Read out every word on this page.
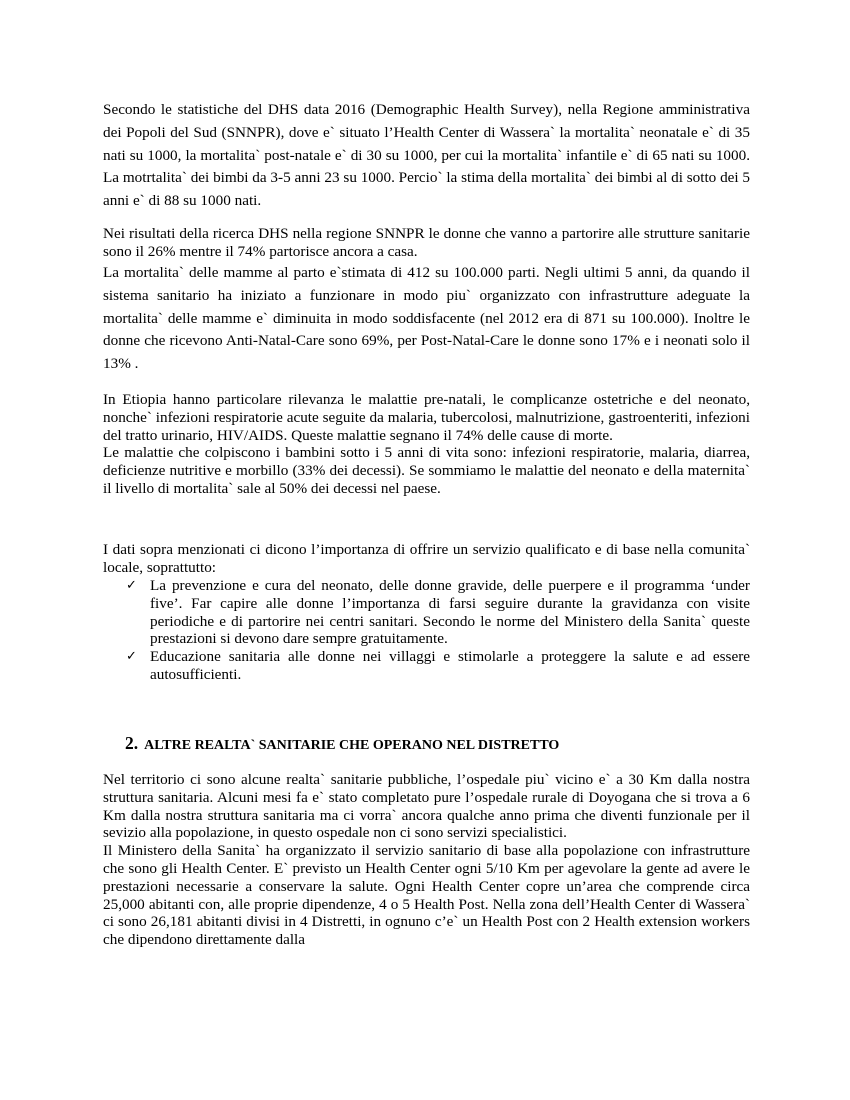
Secondo le statistiche del DHS data 2016 (Demographic Health Survey), nella Regione amministrativa dei Popoli del Sud (SNNPR), dove e` situato l’Health Center di Wassera` la mortalita` neonatale e` di 35 nati su 1000, la mortalita` post-natale e` di 30 su 1000, per cui la mortalita` infantile e` di 65 nati su 1000. La motrtalita` dei bimbi da 3-5 anni 23 su 1000. Percio` la stima della mortalita` dei bimbi al di sotto dei 5 anni e` di 88 su 1000 nati.

Nei risultati della ricerca DHS nella regione SNNPR le donne che vanno a partorire alle strutture sanitarie sono il 26% mentre il 74% partorisce ancora a casa.

La mortalita` delle mamme al parto e`stimata di 412 su 100.000 parti. Negli ultimi 5 anni, da quando il sistema sanitario ha iniziato a funzionare in modo piu` organizzato con infrastrutture adeguate la mortalita` delle mamme e` diminuita in modo soddisfacente (nel 2012 era di 871 su 100.000). Inoltre le donne che ricevono Anti-Natal-Care sono 69%, per Post-Natal-Care le donne sono 17% e i neonati solo il 13% .

In Etiopia hanno particolare rilevanza le malattie pre-natali, le complicanze ostetriche e del neonato, nonche` infezioni respiratorie acute seguite da malaria, tubercolosi, malnutrizione, gastroenteriti, infezioni del tratto urinario, HIV/AIDS. Queste malattie segnano il 74% delle cause di morte.
Le malattie che colpiscono i bambini sotto i 5 anni di vita sono: infezioni respiratorie, malaria, diarrea, deficienze nutritive e morbillo (33% dei decessi). Se sommiamo le malattie del neonato e della maternita` il livello di mortalita` sale al 50% dei decessi nel paese.

I dati sopra menzionati ci dicono l’importanza di offrire un servizio qualificato e di base nella comunita` locale, soprattutto:

✓ La prevenzione e cura del neonato, delle donne gravide, delle puerpere e il programma ‘under five’. Far capire alle donne l’importanza di farsi seguire durante la gravidanza con visite periodiche e di partorire nei centri sanitari. Secondo le norme del Ministero della Sanita` queste prestazioni si devono dare sempre gratuitamente.
✓ Educazione sanitaria alle donne nei villaggi e stimolarle a proteggere la salute e ad essere autosufficienti.
2. ALTRE REALTA` SANITARIE CHE OPERANO NEL DISTRETTO
Nel territorio ci sono alcune realta` sanitarie pubbliche, l’ospedale piu` vicino e` a 30 Km dalla nostra struttura sanitaria. Alcuni mesi fa e` stato completato pure l’ospedale rurale di Doyogana che si trova a 6 Km dalla nostra struttura sanitaria ma ci vorra` ancora qualche anno prima che diventi funzionale per il sevizio alla popolazione, in questo ospedale non ci sono servizi specialistici.
Il Ministero della Sanita` ha organizzato il servizio sanitario di base alla popolazione con infrastrutture che sono gli Health Center. E` previsto un Health Center ogni 5/10 Km per agevolare la gente ad avere le prestazioni necessarie a conservare la salute. Ogni Health Center copre un’area che comprende circa 25,000 abitanti con, alle proprie dipendenze, 4 o 5 Health Post. Nella zona dell’Health Center di Wassera` ci sono 26,181 abitanti divisi in 4 Distretti, in ognuno c’e` un Health Post con 2 Health extension workers che dipendono direttamente dalla
